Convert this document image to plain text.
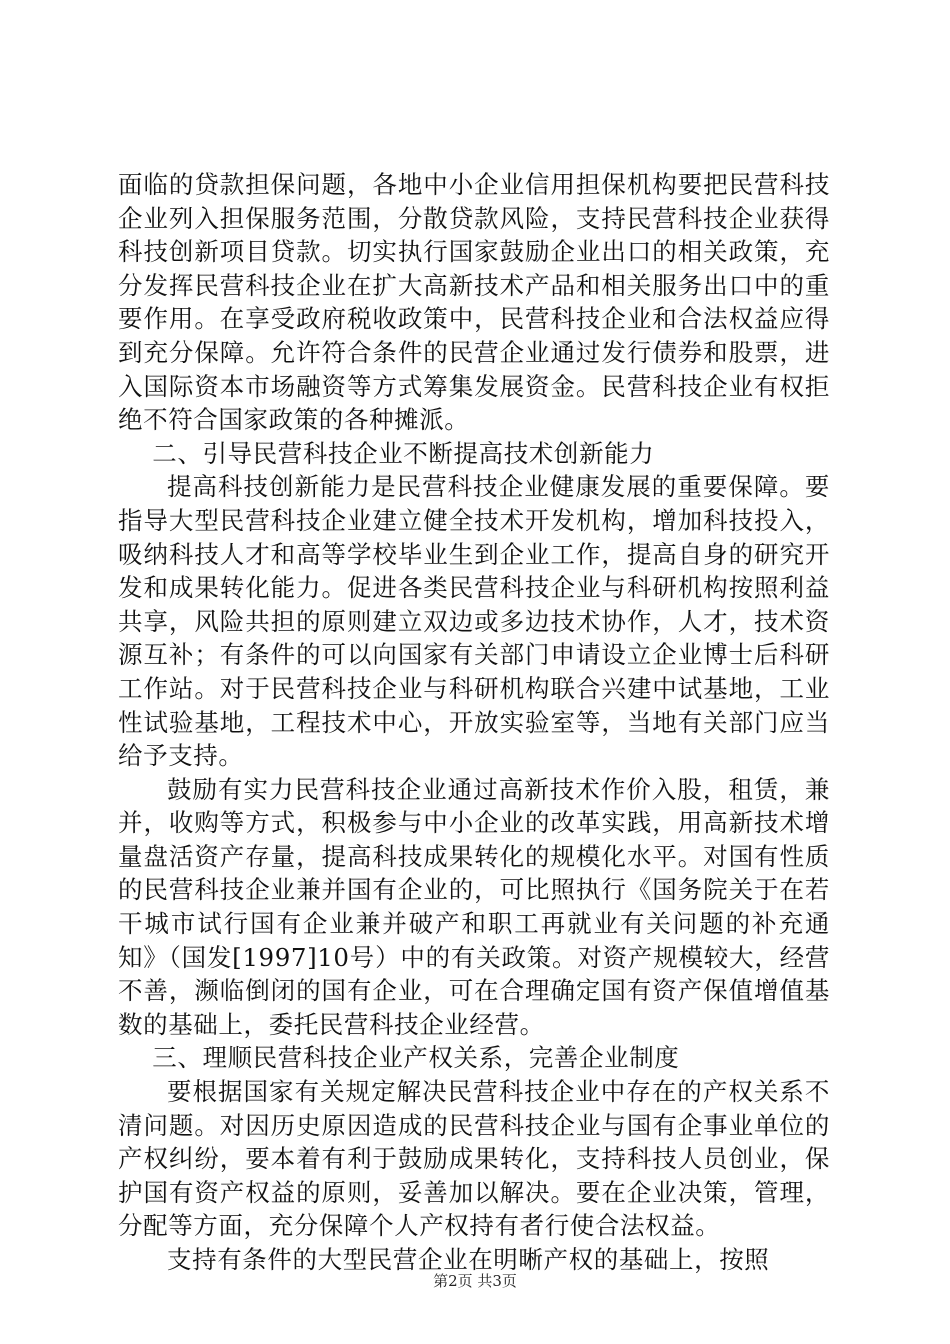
面临的贷款担保问题，各地中小企业信用担保机构要把民营科技企业列入担保服务范围，分散贷款风险，支持民营科技企业获得科技创新项目贷款。切实执行国家鼓励企业出口的相关政策，充分发挥民营科技企业在扩大高新技术产品和相关服务出口中的重要作用。在享受政府税收政策中，民营科技企业和合法权益应得到充分保障。允许符合条件的民营企业通过发行债券和股票，进入国际资本市场融资等方式筹集发展资金。民营科技企业有权拒绝不符合国家政策的各种摊派。

二、引导民营科技企业不断提高技术创新能力

提高科技创新能力是民营科技企业健康发展的重要保障。要指导大型民营科技企业建立健全技术开发机构，增加科技投入，吸纳科技人才和高等学校毕业生到企业工作，提高自身的研究开发和成果转化能力。促进各类民营科技企业与科研机构按照利益共享，风险共担的原则建立双边或多边技术协作，人才，技术资源互补；有条件的可以向国家有关部门申请设立企业博士后科研工作站。对于民营科技企业与科研机构联合兴建中试基地，工业性试验基地，工程技术中心，开放实验室等，当地有关部门应当给予支持。

鼓励有实力民营科技企业通过高新技术作价入股，租赁，兼并，收购等方式，积极参与中小企业的改革实践，用高新技术增量盘活资产存量，提高科技成果转化的规模化水平。对国有性质的民营科技企业兼并国有企业的，可比照执行《国务院关于在若干城市试行国有企业兼并破产和职工再就业有关问题的补充通知》（国发[1997]10号）中的有关政策。对资产规模较大，经营不善，濒临倒闭的国有企业，可在合理确定国有资产保值增值基数的基础上，委托民营科技企业经营。

三、理顺民营科技企业产权关系，完善企业制度

要根据国家有关规定解决民营科技企业中存在的产权关系不清问题。对因历史原因造成的民营科技企业与国有企事业单位的产权纠纷，要本着有利于鼓励成果转化，支持科技人员创业，保护国有资产权益的原则，妥善加以解决。要在企业决策，管理，分配等方面，充分保障个人产权持有者行使合法权益。

支持有条件的大型民营企业在明晰产权的基础上，按照

第2页 共3页
